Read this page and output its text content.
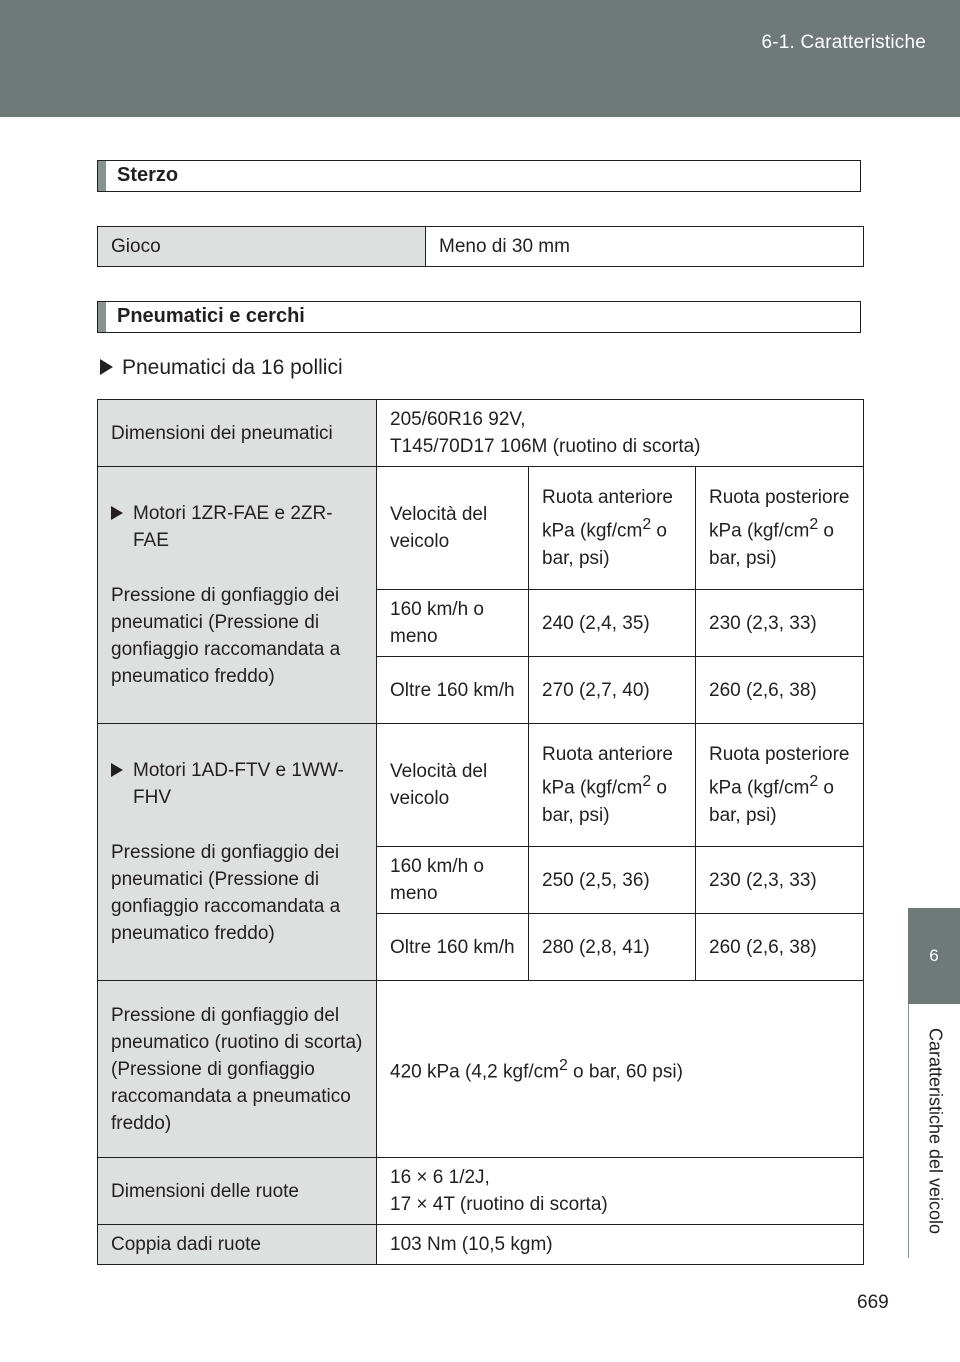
6-1. Caratteristiche
6
Caratteristiche del veicolo
Sterzo
Gioco	Meno di 30 mm
Pneumatici e cerchi
Pneumatici da 16 pollici
Dimensioni dei pneumatici	205/60R16 92V,
T145/70D17 106M (ruotino di scorta)		

Motori 1ZR-FAE e 2ZR-FAE
Pressione di gonfiaggio dei pneumatici (Pressione di gonfiaggio raccomandata a pneumatico freddo)	Velocità del veicolo	Ruota anteriore kPa ($kgf/cm^2$ o bar, psi)	Ruota posteriore kPa ($kgf/cm^2$ o bar, psi)
	160 km/h o meno	240 (2,4, 35)	230 (2,3, 33)
	Oltre 160 km/h	270 (2,7, 40)	260 (2,6, 38)

Motori 1AD-FTV e 1WW-FHV
Pressione di gonfiaggio dei pneumatici (Pressione di gonfiaggio raccomandata a pneumatico freddo)	Velocità del veicolo	Ruota anteriore kPa ($kgf/cm^2$ o bar, psi)	Ruota posteriore kPa ($kgf/cm^2$ o bar, psi)
	160 km/h o meno	250 (2,5, 36)	230 (2,3, 33)
	Oltre 160 km/h	280 (2,8, 41)	260 (2,6, 38)
Pressione di gonfiaggio del pneumatico (ruotino di scorta) (Pressione di gonfiaggio raccomandata a pneumatico freddo)	420 kPa (4,2 kgf/$cm^2$ o bar, 60 psi)		
Dimensioni delle ruote	16 × 6 1/2J,
17 × 4T (ruotino di scorta)		
Coppia dadi ruote	103 Nm (10,5 kgm)		
669
